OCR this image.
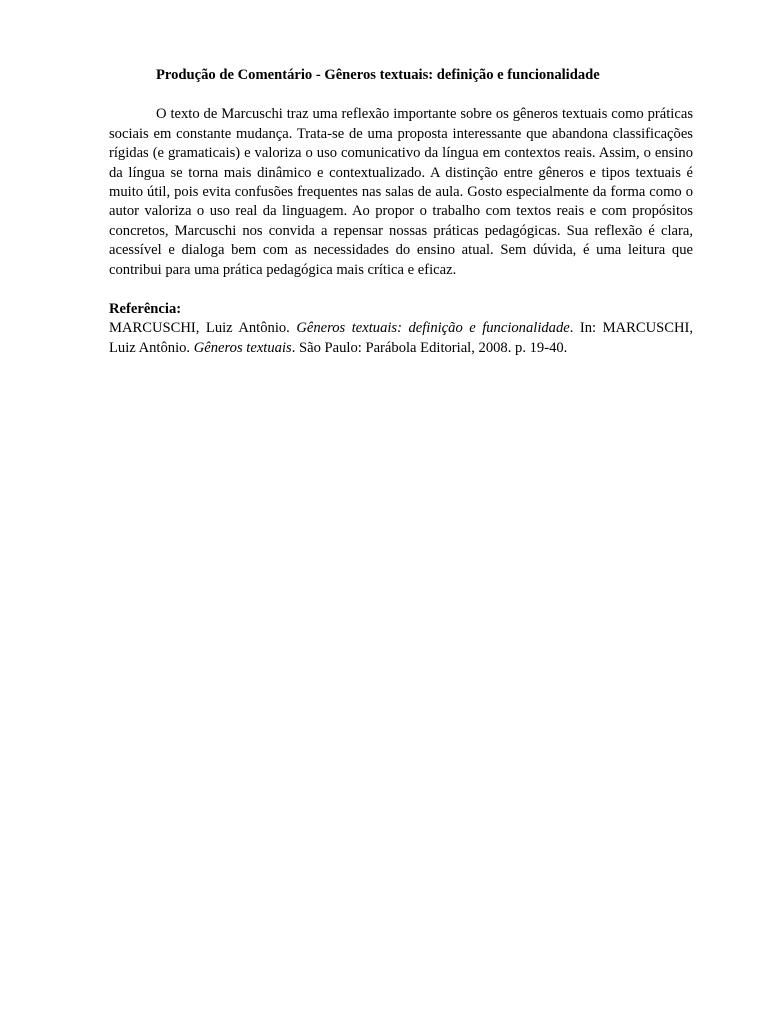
Produção de Comentário - Gêneros textuais: definição e funcionalidade

O texto de Marcuschi traz uma reflexão importante sobre os gêneros textuais como práticas sociais em constante mudança. Trata-se de uma proposta interessante que abandona classificações rígidas (e gramaticais) e valoriza o uso comunicativo da língua em contextos reais. Assim, o ensino da língua se torna mais dinâmico e contextualizado. A distinção entre gêneros e tipos textuais é muito útil, pois evita confusões frequentes nas salas de aula. Gosto especialmente da forma como o autor valoriza o uso real da linguagem. Ao propor o trabalho com textos reais e com propósitos concretos, Marcuschi nos convida a repensar nossas práticas pedagógicas. Sua reflexão é clara, acessível e dialoga bem com as necessidades do ensino atual. Sem dúvida, é uma leitura que contribui para uma prática pedagógica mais crítica e eficaz.

Referência:

MARCUSCHI, Luiz Antônio. Gêneros textuais: definição e funcionalidade. In: MARCUSCHI, Luiz Antônio. Gêneros textuais. São Paulo: Parábola Editorial, 2008. p. 19-40.
